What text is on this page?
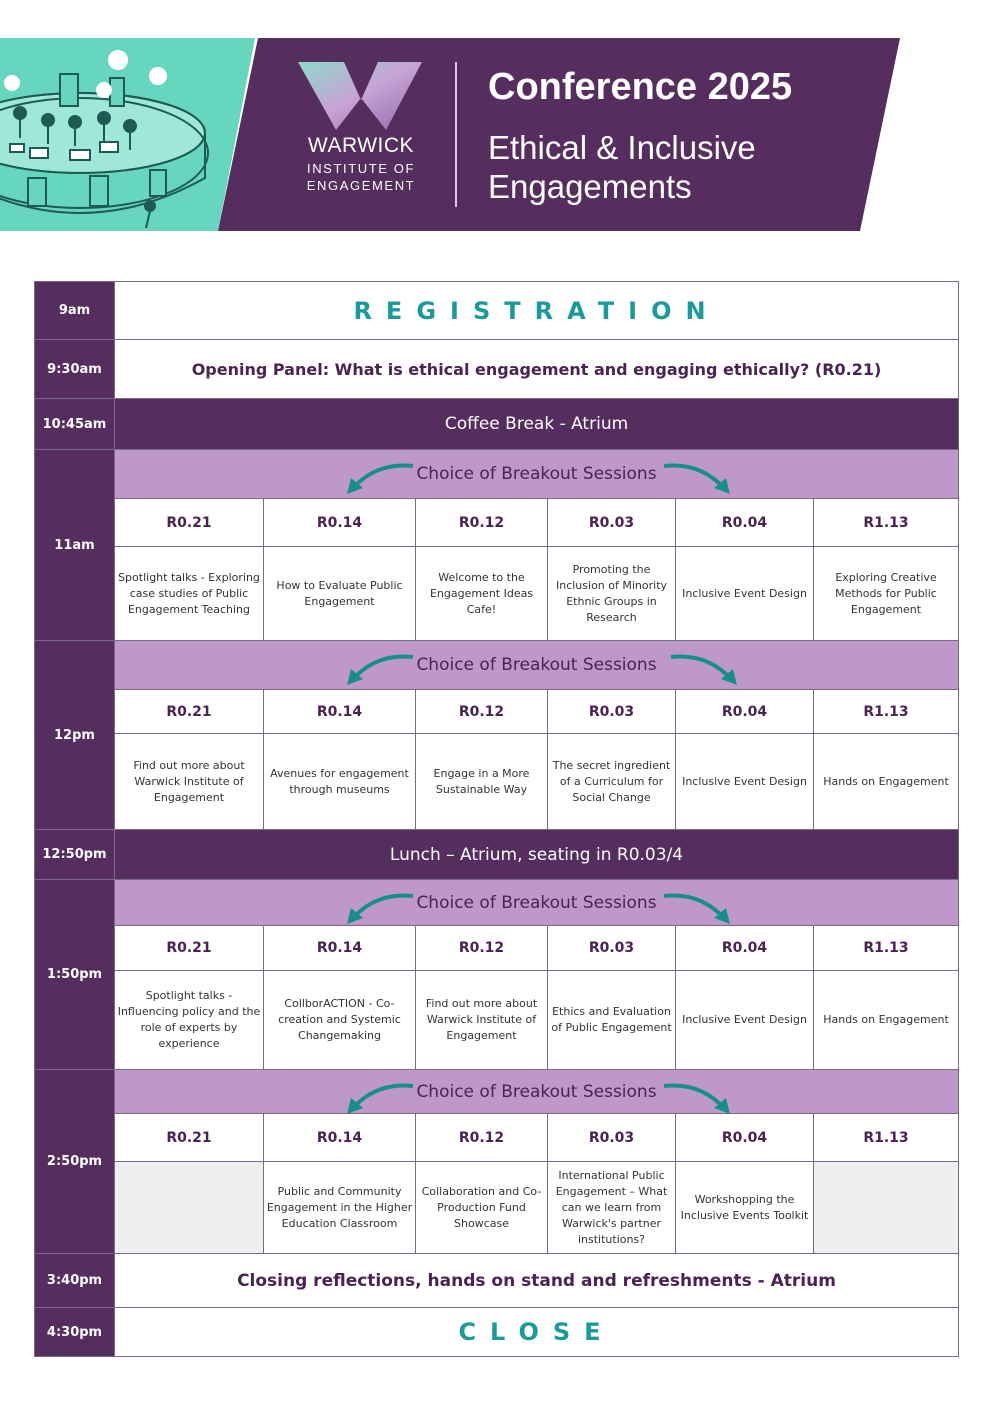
WARWICK
INSTITUTE OF
ENGAGEMENT
Conference 2025
Ethical & Inclusive Engagements
9am	REGISTRATION					
9:30am	Opening Panel: What is ethical engagement and engaging ethically? (R0.21)					
10:45am	Coffee Break - Atrium					
11am	Choice of Breakout Sessions					

	R0.21	R0.14	R0.12	R0.03	R0.04	R1.13
	Spotlight talks - Exploring case studies of Public Engagement Teaching	How to Evaluate Public Engagement	Welcome to the Engagement Ideas Cafe!	Promoting the Inclusion of Minority Ethnic Groups in Research	Inclusive Event Design	Exploring Creative Methods for Public Engagement
12pm	Choice of Breakout Sessions					

	R0.21	R0.14	R0.12	R0.03	R0.04	R1.13
	Find out more about Warwick Institute of Engagement	Avenues for engagement through museums	Engage in a More Sustainable Way	The secret ingredient of a Curriculum for Social Change	Inclusive Event Design	Hands on Engagement
12:50pm	Lunch – Atrium, seating in R0.03/4					
1:50pm	Choice of Breakout Sessions					

	R0.21	R0.14	R0.12	R0.03	R0.04	R1.13
	Spotlight talks - Influencing policy and the role of experts by experience	CollborACTION - Co-creation and Systemic Changemaking	Find out more about Warwick Institute of Engagement	Ethics and Evaluation of Public Engagement	Inclusive Event Design	Hands on Engagement
2:50pm	Choice of Breakout Sessions					

	R0.21	R0.14	R0.12	R0.03	R0.04	R1.13
		Public and Community Engagement in the Higher Education Classroom	Collaboration and Co-Production Fund Showcase	International Public Engagement – What can we learn from Warwick's partner institutions?	Workshopping the Inclusive Events Toolkit	
3:40pm	Closing reflections, hands on stand and refreshments - Atrium					
4:30pm	CLOSE					
